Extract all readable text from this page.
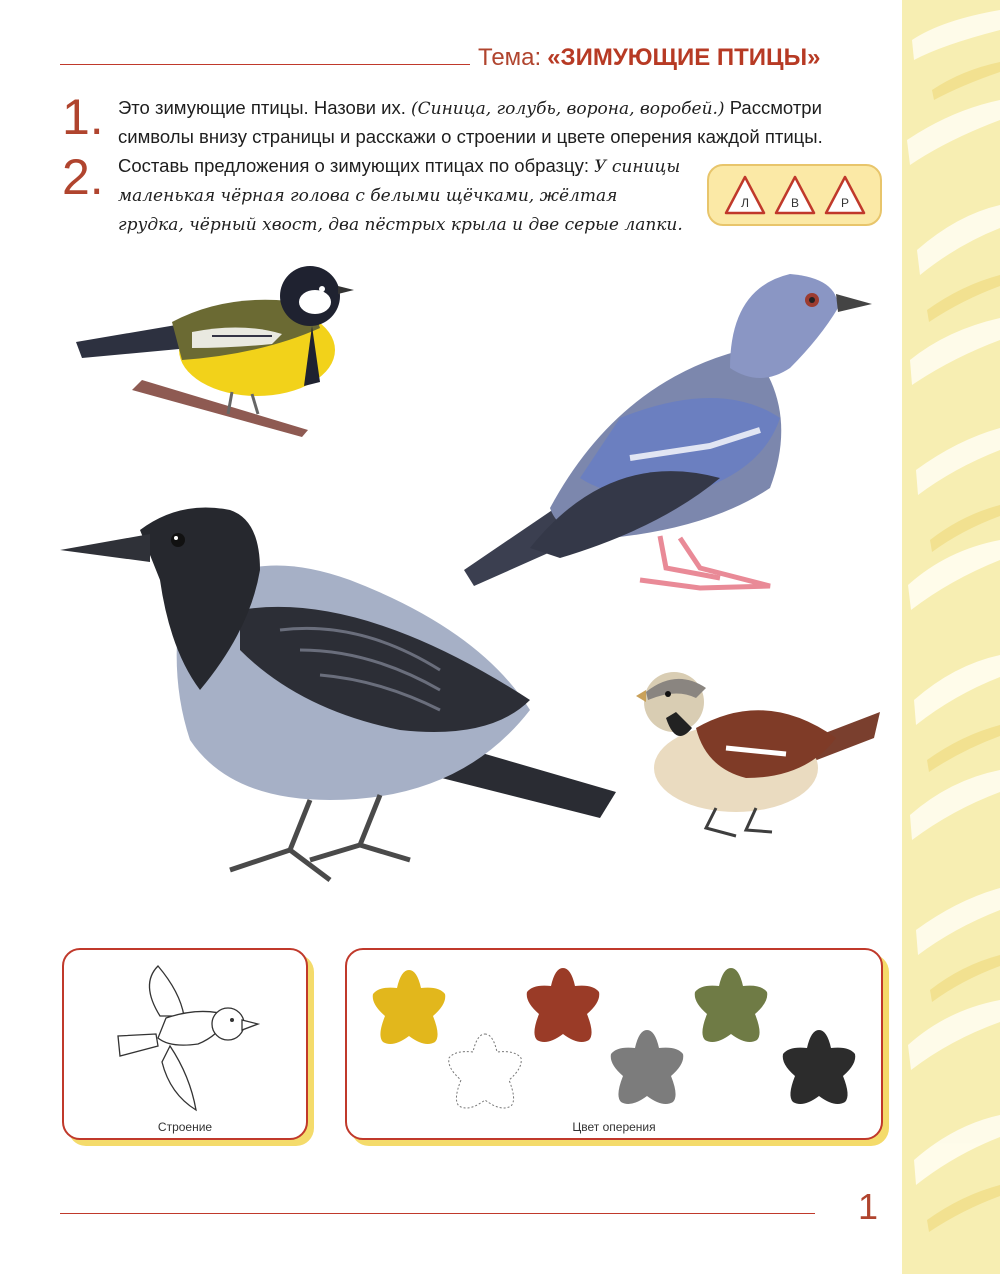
Тема: «ЗИМУЮЩИЕ ПТИЦЫ»
1. Это зимующие птицы. Назови их. (Синица, голубь, ворона, воробей.) Рассмотри символы внизу страницы и расскажи о строении и цвете оперения каждой птицы.
2. Составь предложения о зимующих птицах по образцу: У синицы маленькая чёрная голова с белыми щёчками, жёлтая грудка, чёрный хвост, два пёстрых крыла и две серые лапки.
Л	В	Р
Строение	Цвет оперения
1
